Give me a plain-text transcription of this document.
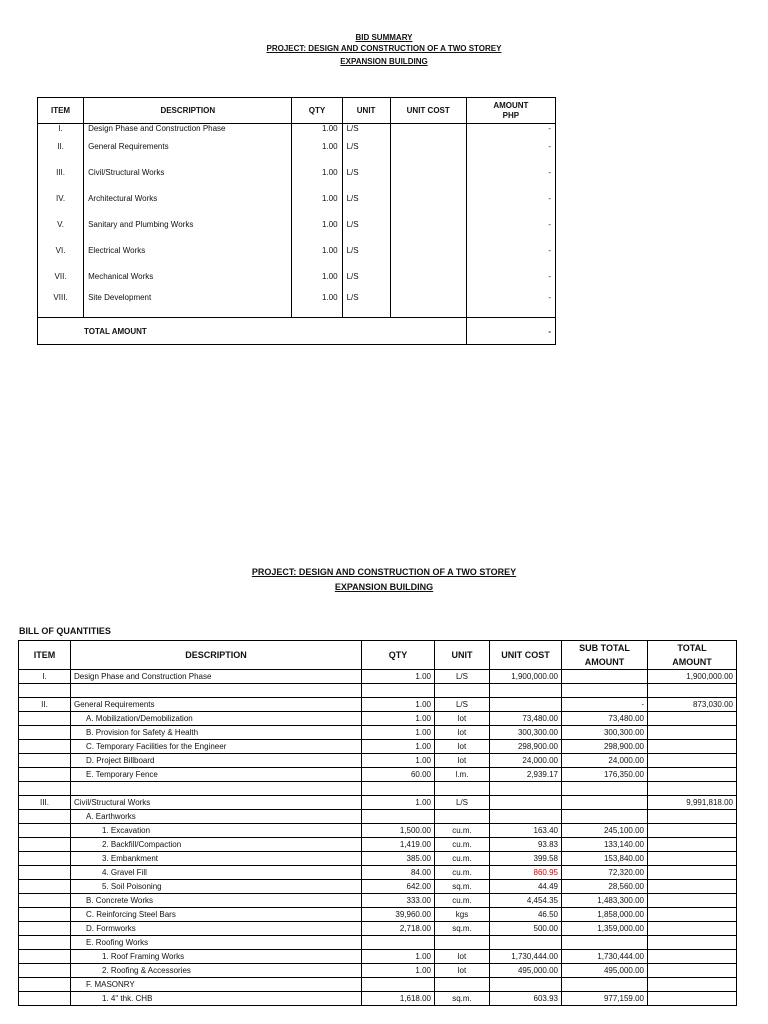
BID SUMMARY
PROJECT: DESIGN AND CONSTRUCTION OF A TWO STOREY
EXPANSION BUILDING
ITEM	DESCRIPTION	QTY	UNIT	UNIT COST	AMOUNT
PHP
I.	Design Phase and Construction Phase	1.00	L/S		-
II.	General Requirements	1.00	L/S		-
III.	Civil/Structural Works	1.00	L/S		-
IV.	Architectural Works	1.00	L/S		-
V.	Sanitary and Plumbing Works	1.00	L/S		-
VI.	Electrical Works	1.00	L/S		-
VII.	Mechanical Works	1.00	L/S		-
VIII.	Site Development	1.00	L/S		-
TOTAL AMOUNT					-
PROJECT: DESIGN AND CONSTRUCTION OF A TWO STOREY
EXPANSION BUILDING
BILL OF QUANTITIES
ITEM	DESCRIPTION	QTY	UNIT	UNIT COST	SUB TOTAL
AMOUNT	TOTAL
AMOUNT
I.	Design Phase and Construction Phase	1.00	L/S	1,900,000.00		1,900,000.00

II.	General Requirements	1.00	L/S		-	873,030.00
	A. Mobilization/Demobilization	1.00	lot	73,480.00	73,480.00	
	B. Provision for Safety & Health	1.00	lot	300,300.00	300,300.00	
	C. Temporary Facilities for the Engineer	1.00	lot	298,900.00	298,900.00	
	D. Project Billboard	1.00	lot	24,000.00	24,000.00	
	E. Temporary Fence	60.00	l.m.	2,939.17	176,350.00	

III.	Civil/Structural Works	1.00	L/S			9,991,818.00
	A. Earthworks					
	1. Excavation	1,500.00	cu.m.	163.40	245,100.00	
	2. Backfill/Compaction	1,419.00	cu.m.	93.83	133,140.00	
	3. Embankment	385.00	cu.m.	399.58	153,840.00	
	4. Gravel Fill	84.00	cu.m.	860.95	72,320.00	
	5. Soil Poisoning	642.00	sq.m.	44.49	28,560.00	
	B. Concrete Works	333.00	cu.m.	4,454.35	1,483,300.00	
	C. Reinforcing Steel Bars	39,960.00	kgs	46.50	1,858,000.00	
	D. Formworks	2,718.00	sq.m.	500.00	1,359,000.00	
	E. Roofing Works					
	1. Roof Framing Works	1.00	lot	1,730,444.00	1,730,444.00	
	2. Roofing & Accessories	1.00	lot	495,000.00	495,000.00	
	F. MASONRY					
	1. 4" thk. CHB	1,618.00	sq.m.	603.93	977,159.00	
